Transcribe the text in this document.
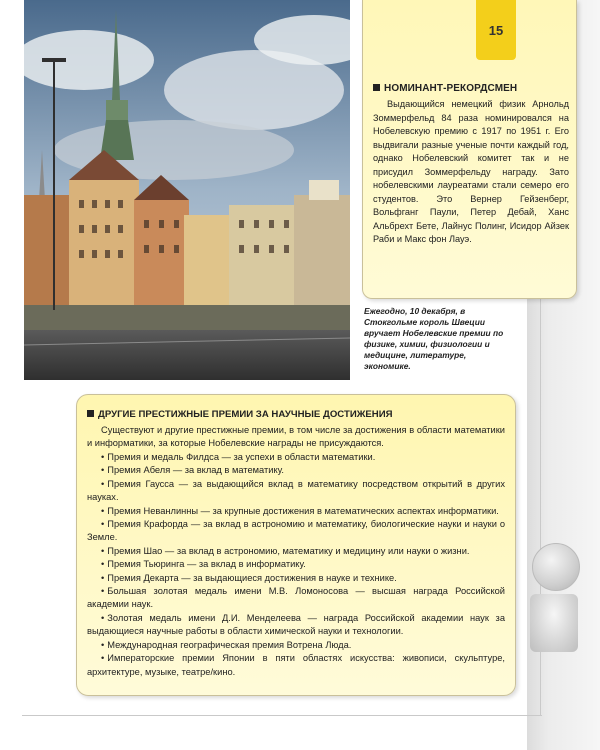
15
НОМИНАНТ-РЕКОРДСМЕН
Выдающийся немецкий физик Арнольд Зоммерфельд 84 раза номинировался на Нобелевскую премию с 1917 по 1951 г. Его выдвигали разные ученые почти каждый год, однако Нобелевский комитет так и не присудил Зоммерфельду награду. Зато нобелевскими лауреатами стали семеро его студентов. Это Вернер Гейзенберг, Вольфганг Паули, Петер Дебай, Ханс Альбрехт Бете, Лайнус Полинг, Исидор Айзек Раби и Макс фон Лауэ.
Ежегодно, 10 декабря, в Стокгольме король Швеции вручает Нобелевские премии по физике, химии, физиологии и медицине, литературе, экономике.
ДРУГИЕ ПРЕСТИЖНЫЕ ПРЕМИИ ЗА НАУЧНЫЕ ДОСТИЖЕНИЯ
Существуют и другие престижные премии, в том числе за достижения в области математики и информатики, за которые Нобелевские награды не присуждаются.
• Премия и медаль Филдса — за успехи в области математики.
• Премия Абеля — за вклад в математику.
• Премия Гаусса — за выдающийся вклад в математику посредством открытий в других науках.
• Премия Неванлинны — за крупные достижения в математических аспектах информатики.
• Премия Крафорда — за вклад в астрономию и математику, биологические науки и науки о Земле.
• Премия Шао — за вклад в астрономию, математику и медицину или науки о жизни.
• Премия Тьюринга — за вклад в информатику.
• Премия Декарта — за выдающиеся достижения в науке и технике.
• Большая золотая медаль имени М.В. Ломоносова — высшая награда Российской академии наук.
• Золотая медаль имени Д.И. Менделеева — награда Российской академии наук за выдающиеся научные работы в области химической науки и технологии.
• Международная географическая премия Вотрена Люда.
• Императорские премии Японии в пяти областях искусства: живописи, скульптуре, архитектуре, музыке, театре/кино.
